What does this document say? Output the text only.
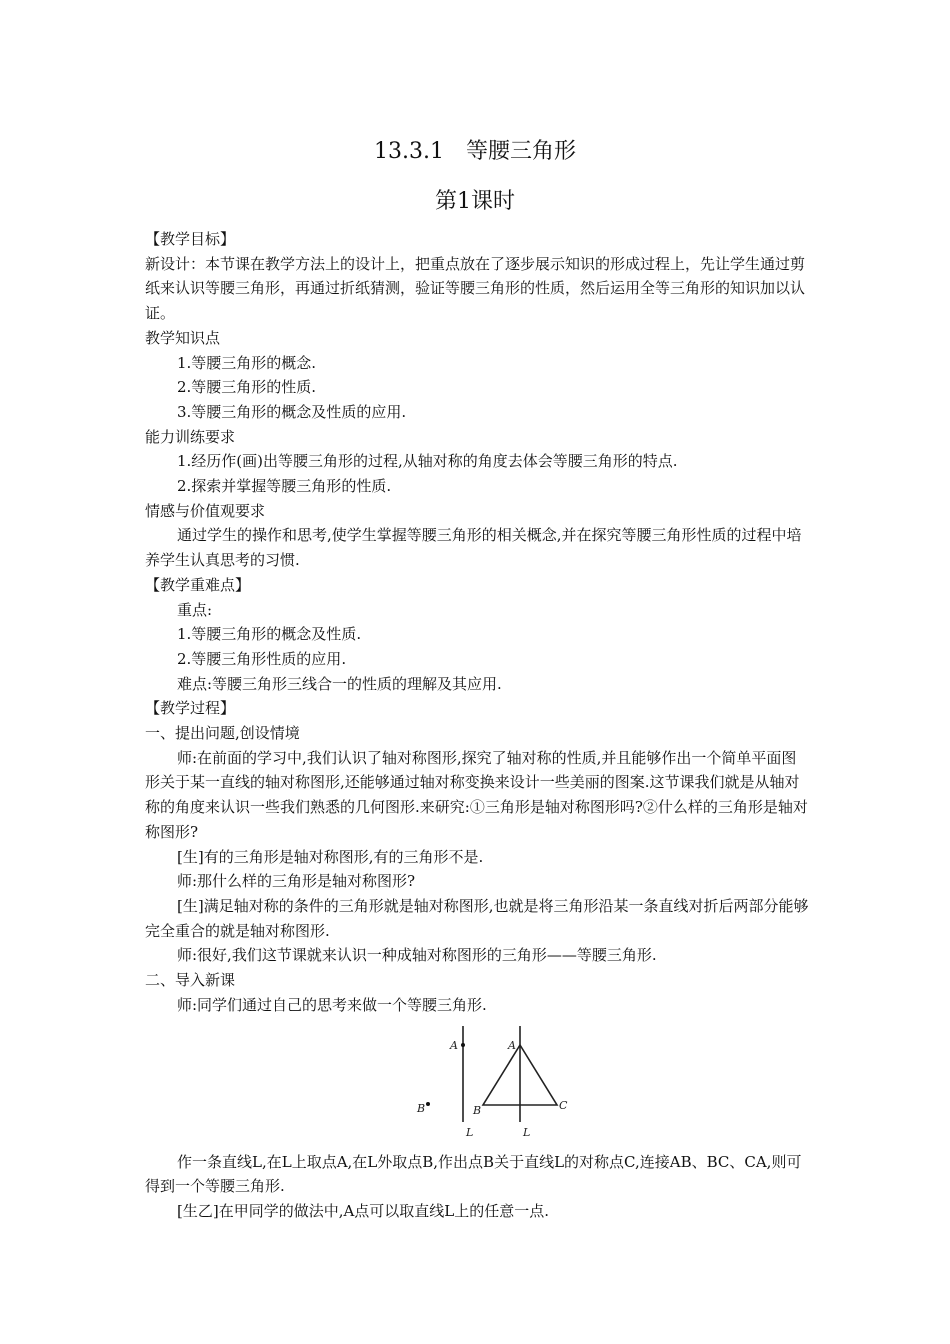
13.3.1　等腰三角形
第1课时

【教学目标】

新设计：本节课在教学方法上的设计上，把重点放在了逐步展示知识的形成过程上，先让学生通过剪纸来认识等腰三角形，再通过折纸猜测，验证等腰三角形的性质，然后运用全等三角形的知识加以认证。

教学知识点

1.等腰三角形的概念.

2.等腰三角形的性质.

3.等腰三角形的概念及性质的应用.

能力训练要求

1.经历作(画)出等腰三角形的过程,从轴对称的角度去体会等腰三角形的特点.

2.探索并掌握等腰三角形的性质.

情感与价值观要求

通过学生的操作和思考,使学生掌握等腰三角形的相关概念,并在探究等腰三角形性质的过程中培养学生认真思考的习惯.

【教学重难点】

重点:

1.等腰三角形的概念及性质.

2.等腰三角形性质的应用.

难点:等腰三角形三线合一的性质的理解及其应用.

【教学过程】

一、提出问题,创设情境

师:在前面的学习中,我们认识了轴对称图形,探究了轴对称的性质,并且能够作出一个简单平面图形关于某一直线的轴对称图形,还能够通过轴对称变换来设计一些美丽的图案.这节课我们就是从轴对称的角度来认识一些我们熟悉的几何图形.来研究:①三角形是轴对称图形吗?②什么样的三角形是轴对称图形?

[生]有的三角形是轴对称图形,有的三角形不是.

师:那什么样的三角形是轴对称图形?

[生]满足轴对称的条件的三角形就是轴对称图形,也就是将三角形沿某一条直线对折后两部分能够完全重合的就是轴对称图形.

师:很好,我们这节课就来认识一种成轴对称图形的三角形——等腰三角形.

二、导入新课

师:同学们通过自己的思考来做一个等腰三角形.

A
B
L
A
B	C
L

作一条直线L,在L上取点A,在L外取点B,作出点B关于直线L的对称点C,连接AB、BC、CA,则可得到一个等腰三角形.

[生乙]在甲同学的做法中,A点可以取直线L上的任意一点.
